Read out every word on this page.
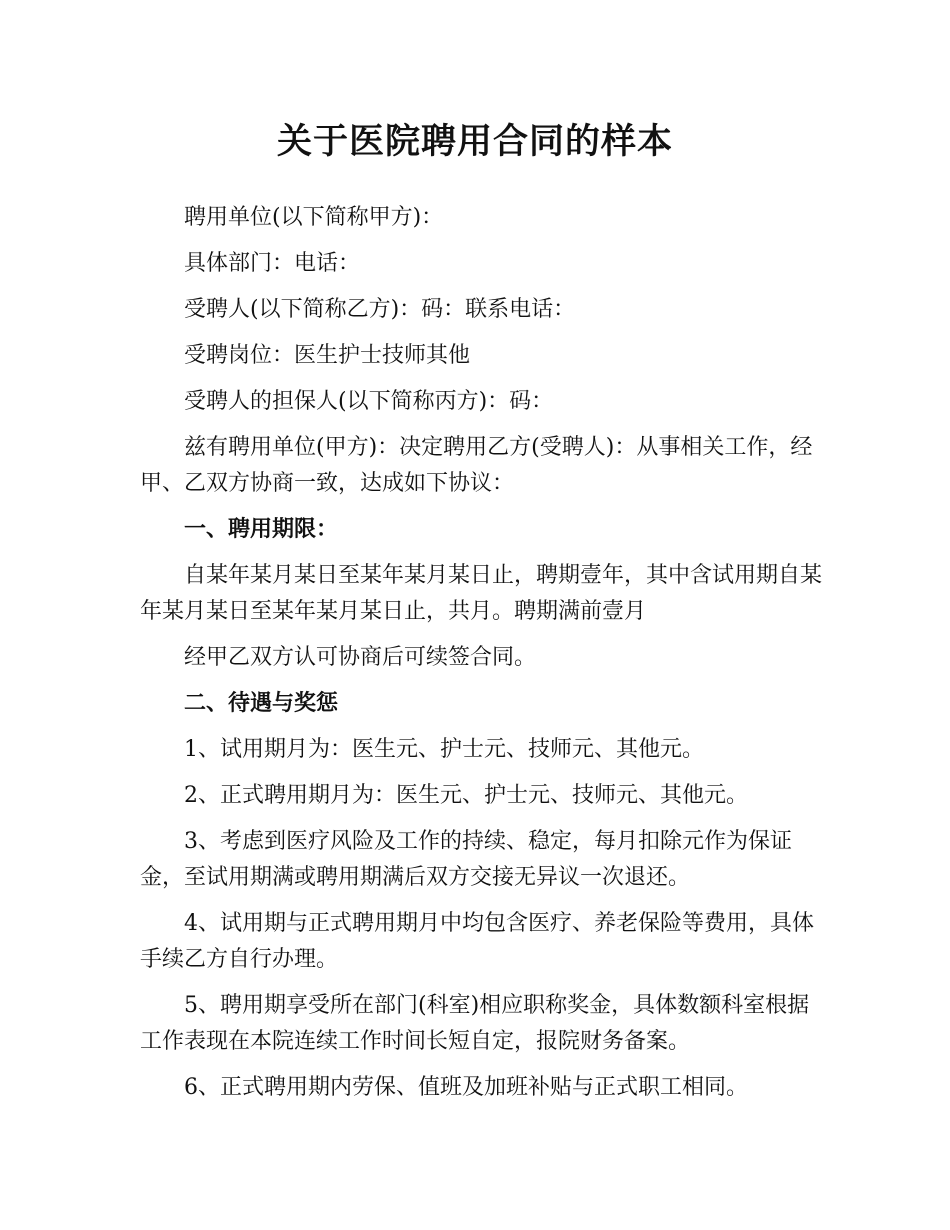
关于医院聘用合同的样本

聘用单位(以下简称甲方)：

具体部门：电话：

受聘人(以下简称乙方)：码：联系电话：

受聘岗位：医生护士技师其他

受聘人的担保人(以下简称丙方)：码：

兹有聘用单位(甲方)：决定聘用乙方(受聘人)：从事相关工作，经甲、乙双方协商一致，达成如下协议：

一、聘用期限：

自某年某月某日至某年某月某日止，聘期壹年，其中含试用期自某年某月某日至某年某月某日止，共月。聘期满前壹月

经甲乙双方认可协商后可续签合同。

二、待遇与奖惩

1、试用期月为：医生元、护士元、技师元、其他元。

2、正式聘用期月为：医生元、护士元、技师元、其他元。

3、考虑到医疗风险及工作的持续、稳定，每月扣除元作为保证金，至试用期满或聘用期满后双方交接无异议一次退还。

4、试用期与正式聘用期月中均包含医疗、养老保险等费用，具体手续乙方自行办理。

5、聘用期享受所在部门(科室)相应职称奖金，具体数额科室根据工作表现在本院连续工作时间长短自定，报院财务备案。

6、正式聘用期内劳保、值班及加班补贴与正式职工相同。
